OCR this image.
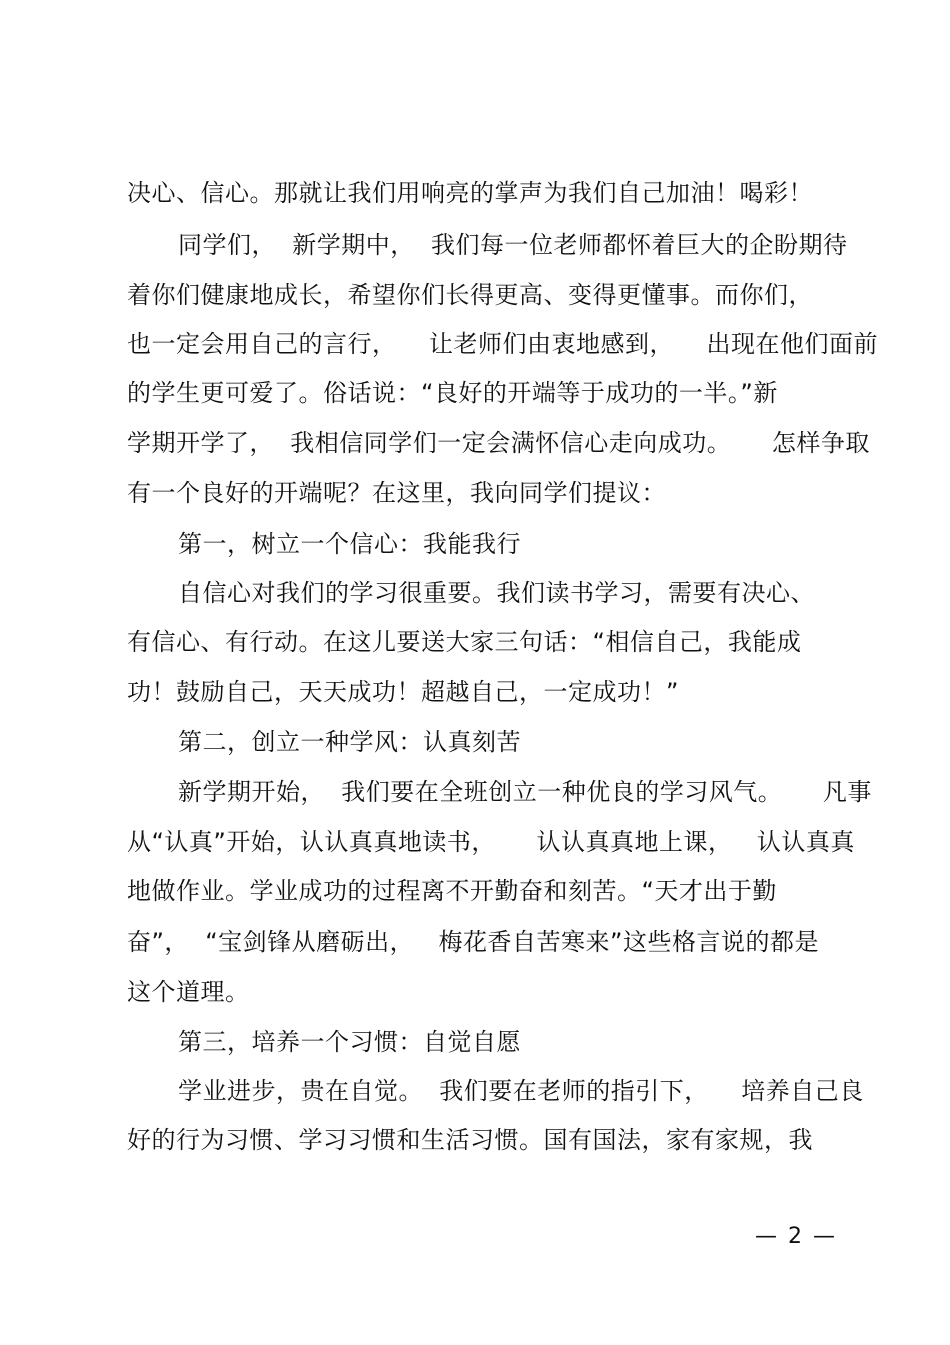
决心、信心。那就让我们用响亮的掌声为我们自己加油！喝彩！
同学们，  新学期中，  我们每一位老师都怀着巨大的企盼期待
着你们健康地成长，希望你们长得更高、变得更懂事。而你们，
也一定会用自己的言行，    让老师们由衷地感到，    出现在他们面前
的学生更可爱了。俗话说：“良好的开端等于成功的一半。”新
学期开学了，  我相信同学们一定会满怀信心走向成功。     怎样争取
有一个良好的开端呢？在这里，我向同学们提议：
第一，树立一个信心：我能我行
自信心对我们的学习很重要。我们读书学习，需要有决心、
有信心、有行动。在这儿要送大家三句话：“相信自己，我能成
功！鼓励自己，天天成功！超越自己，一定成功！”
第二，创立一种学风：认真刻苦
新学期开始，  我们要在全班创立一种优良的学习风气。     凡事
从“认真”开始，认认真真地读书，     认认真真地上课，   认认真真
地做作业。学业成功的过程离不开勤奋和刻苦。“天才出于勤
奋”，  “宝剑锋从磨砺出，   梅花香自苦寒来”这些格言说的都是
这个道理。
第三，培养一个习惯：自觉自愿
学业进步，贵在自觉。  我们要在老师的指引下，    培养自己良
好的行为习惯、学习习惯和生活习惯。国有国法，家有家规，我
— 2 —
